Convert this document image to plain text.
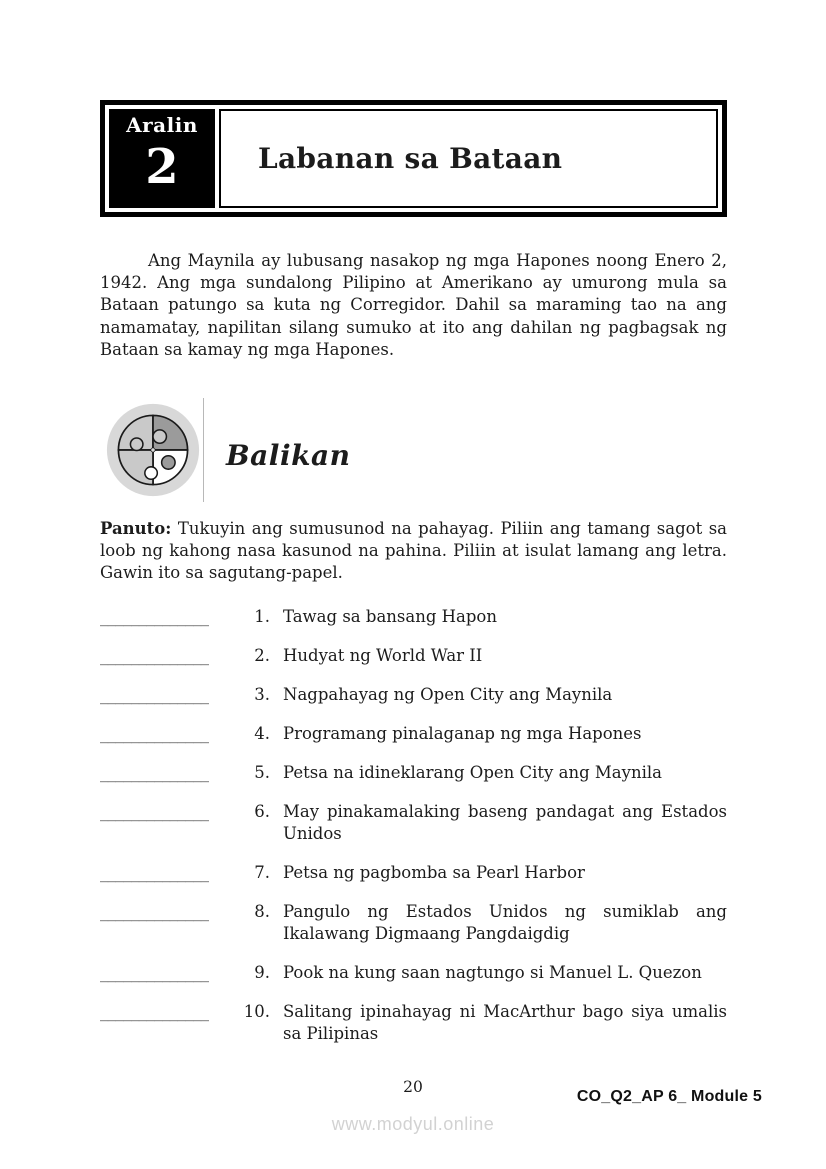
Aralin
2	Labanan sa Bataan

Ang Maynila ay lubusang nasakop ng mga Hapones noong Enero 2, 1942. Ang mga sundalong Pilipino at Amerikano ay umurong mula sa Bataan patungo sa kuta ng Corregidor. Dahil sa maraming tao na ang namamatay, napilitan silang sumuko at ito ang dahilan ng pagbagsak ng Bataan sa kamay ng mga Hapones.

Balikan

Panuto: Tukuyin ang sumusunod na pahayag. Piliin ang tamang sagot sa loob ng kahong nasa kasunod na pahina. Piliin at isulat lamang ang letra. Gawin ito sa sagutang-papel.

______________	1. Tawag sa bansang Hapon
______________	2. Hudyat ng World War II
______________	3. Nagpahayag ng Open City ang Maynila
______________	4. Programang pinalaganap ng mga Hapones
______________	5. Petsa na idineklarang Open City ang Maynila
______________	6. May pinakamalaking baseng pandagat ang Estados Unidos
______________	7. Petsa ng pagbomba sa Pearl Harbor
______________	8. Pangulo ng Estados Unidos ng sumiklab ang Ikalawang Digmaang Pangdaigdig
______________	9. Pook na kung saan nagtungo si Manuel L. Quezon
______________	10. Salitang ipinahayag ni MacArthur bago siya umalis sa Pilipinas
20
CO_Q2_AP 6_ Module 5
www.modyul.online
